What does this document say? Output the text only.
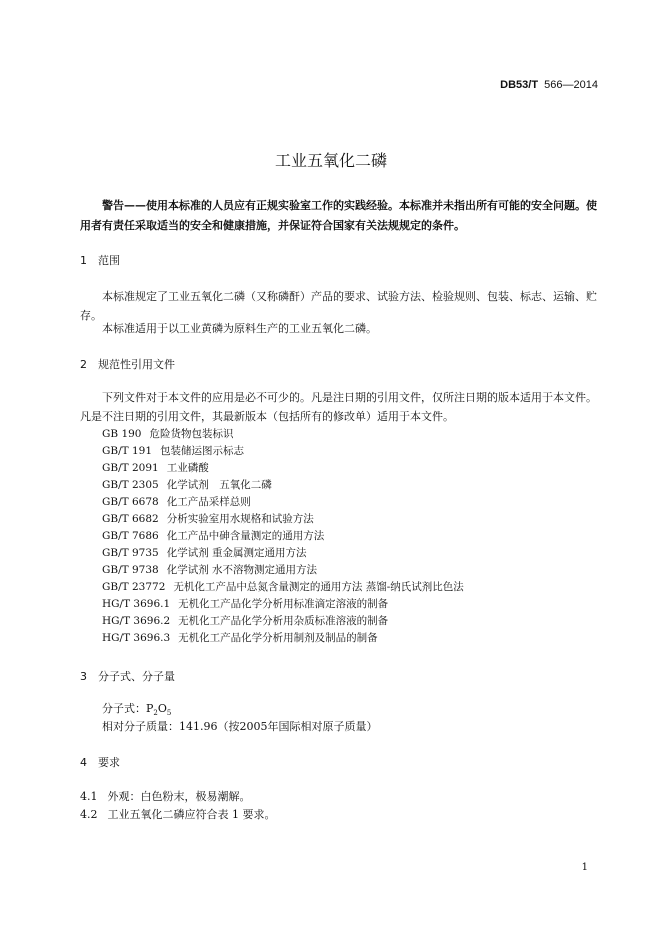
DB53/T 566—2014
工业五氧化二磷
警告——使用本标准的人员应有正规实验室工作的实践经验。本标准并未指出所有可能的安全问题。使用者有责任采取适当的安全和健康措施，并保证符合国家有关法规规定的条件。
1 范围
本标准规定了工业五氧化二磷（又称磷酐）产品的要求、试验方法、检验规则、包装、标志、运输、贮存。
本标准适用于以工业黄磷为原料生产的工业五氧化二磷。
2 规范性引用文件
下列文件对于本文件的应用是必不可少的。凡是注日期的引用文件，仅所注日期的版本适用于本文件。凡是不注日期的引用文件，其最新版本（包括所有的修改单）适用于本文件。
GB 190 危险货物包装标识
GB/T 191 包装储运图示标志
GB/T 2091 工业磷酸
GB/T 2305 化学试剂　五氧化二磷
GB/T 6678 化工产品采样总则
GB/T 6682 分析实验室用水规格和试验方法
GB/T 7686 化工产品中砷含量测定的通用方法
GB/T 9735 化学试剂 重金属测定通用方法
GB/T 9738 化学试剂 水不溶物测定通用方法
GB/T 23772 无机化工产品中总氮含量测定的通用方法 蒸馏-纳氏试剂比色法
HG/T 3696.1 无机化工产品化学分析用标准滴定溶液的制备
HG/T 3696.2 无机化工产品化学分析用杂质标准溶液的制备
HG/T 3696.3 无机化工产品化学分析用制剂及制品的制备
3 分子式、分子量
分子式：$P_2O_5$
相对分子质量：141.96（按2005年国际相对原子质量）
4 要求
4.1 外观：白色粉末，极易潮解。
4.2 工业五氧化二磷应符合表 1 要求。
1
